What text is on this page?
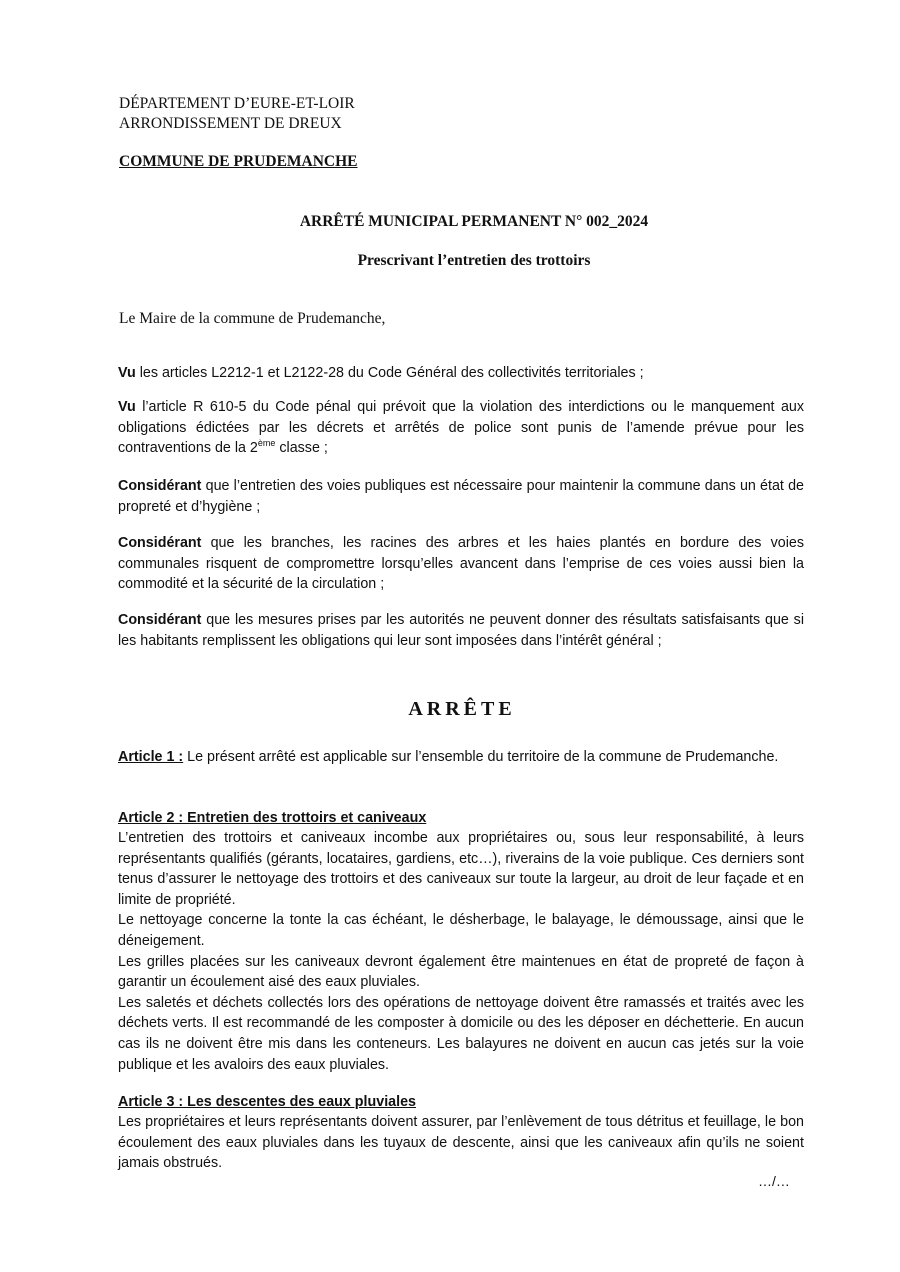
DÉPARTEMENT D’EURE-ET-LOIR
ARRONDISSEMENT DE DREUX
COMMUNE DE PRUDEMANCHE
ARRÊTÉ MUNICIPAL PERMANENT N° 002_2024
Prescrivant l’entretien des trottoirs
Le Maire de la commune de Prudemanche,
Vu les articles L2212-1 et L2122-28 du Code Général des collectivités territoriales ;
Vu l’article R 610-5 du Code pénal qui prévoit que la violation des interdictions ou le manquement aux obligations édictées par les décrets et arrêtés de police sont punis de l’amende prévue pour les contraventions de la 2ème classe ;
Considérant que l’entretien des voies publiques est nécessaire pour maintenir la commune dans un état de propreté et d’hygiène ;
Considérant que les branches, les racines des arbres et les haies plantés en bordure des voies communales risquent de compromettre lorsqu’elles avancent dans l’emprise de ces voies aussi bien la commodité et la sécurité de la circulation ;
Considérant que les mesures prises par les autorités ne peuvent donner des résultats satisfaisants que si les habitants remplissent les obligations qui leur sont imposées dans l’intérêt général ;
ARRÊTE
Article 1 : Le présent arrêté est applicable sur l’ensemble du territoire de la commune de Prudemanche.
Article 2 : Entretien des trottoirs et caniveaux
L’entretien des trottoirs et caniveaux incombe aux propriétaires ou, sous leur responsabilité, à leurs représentants qualifiés (gérants, locataires, gardiens, etc…), riverains de la voie publique. Ces derniers sont tenus d’assurer le nettoyage des trottoirs et des caniveaux sur toute la largeur, au droit de leur façade et en limite de propriété.
Le nettoyage concerne la tonte la cas échéant, le désherbage, le balayage, le démoussage, ainsi que le déneigement.
Les grilles placées sur les caniveaux devront également être maintenues en état de propreté de façon à garantir un écoulement aisé des eaux pluviales.
Les saletés et déchets collectés lors des opérations de nettoyage doivent être ramassés et traités avec les déchets verts. Il est recommandé de les composter à domicile ou des les déposer en déchetterie. En aucun cas ils ne doivent être mis dans les conteneurs. Les balayures ne doivent en aucun cas jetés sur la voie publique et les avaloirs des eaux pluviales.
Article 3 : Les descentes des eaux pluviales
Les propriétaires et leurs représentants doivent assurer, par l’enlèvement de tous détritus et feuillage, le bon écoulement des eaux pluviales dans les tuyaux de descente, ainsi que les caniveaux afin qu’ils ne soient jamais obstrués.
…/…
